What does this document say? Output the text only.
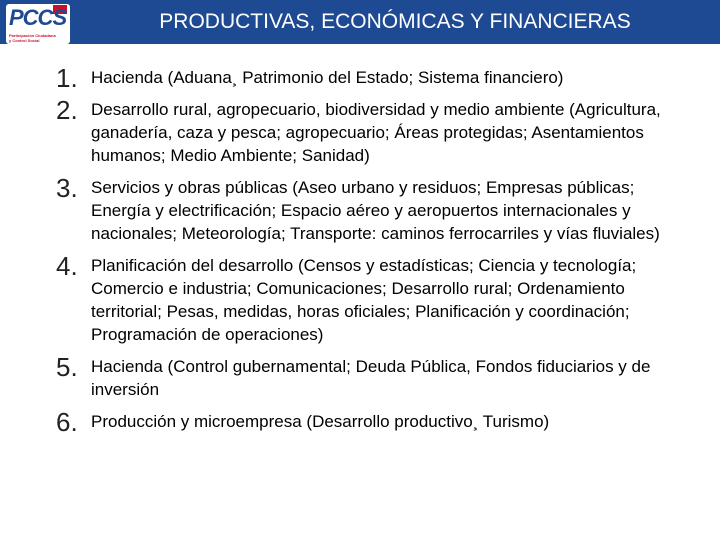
PCCS
Participación Ciudadana
y Control Social
PRODUCTIVAS, ECONÓMICAS Y FINANCIERAS
1. Hacienda (Aduana¸ Patrimonio del Estado; Sistema financiero)
2. Desarrollo rural, agropecuario, biodiversidad y medio ambiente (Agricultura, ganadería, caza y pesca; agropecuario; Áreas protegidas; Asentamientos humanos; Medio Ambiente; Sanidad)
3. Servicios y obras públicas (Aseo urbano y residuos; Empresas públicas; Energía y electrificación; Espacio aéreo y aeropuertos internacionales y nacionales; Meteorología; Transporte: caminos ferrocarriles y vías fluviales)
4. Planificación del desarrollo (Censos y estadísticas; Ciencia y tecnología; Comercio e industria; Comunicaciones; Desarrollo rural; Ordenamiento territorial; Pesas, medidas, horas oficiales; Planificación y coordinación; Programación de operaciones)
5. Hacienda (Control gubernamental; Deuda Pública, Fondos fiduciarios y de inversión
6. Producción y microempresa (Desarrollo productivo¸ Turismo)
